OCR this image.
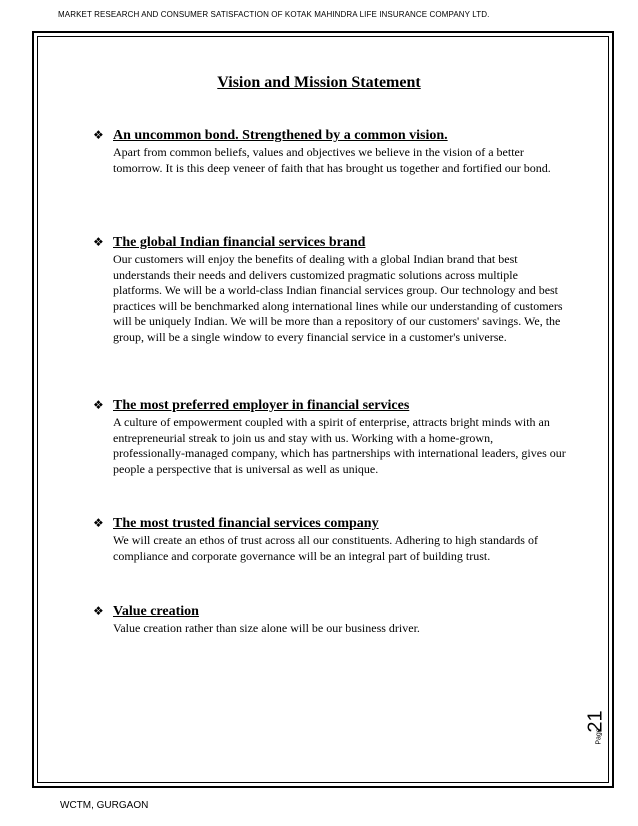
MARKET RESEARCH AND CONSUMER SATISFACTION OF KOTAK MAHINDRA LIFE INSURANCE COMPANY LTD.
Vision and Mission Statement
❖ An uncommon bond. Strengthened by a common vision.
Apart from common beliefs, values and objectives we believe in the vision of a better tomorrow. It is this deep veneer of faith that has brought us together and fortified our bond.
❖ The global Indian financial services brand
Our customers will enjoy the benefits of dealing with a global Indian brand that best understands their needs and delivers customized pragmatic solutions across multiple platforms. We will be a world-class Indian financial services group. Our technology and best practices will be benchmarked along international lines while our understanding of customers will be uniquely Indian. We will be more than a repository of our customers' savings. We, the group, will be a single window to every financial service in a customer's universe.
❖ The most preferred employer in financial services
A culture of empowerment coupled with a spirit of enterprise, attracts bright minds with an entrepreneurial streak to join us and stay with us. Working with a home-grown, professionally-managed company, which has partnerships with international leaders, gives our people a perspective that is universal as well as unique.
❖ The most trusted financial services company
We will create an ethos of trust across all our constituents. Adhering to high standards of compliance and corporate governance will be an integral part of building trust.
❖ Value creation
Value creation rather than size alone will be our business driver.
21
Page
WCTM, GURGAON
